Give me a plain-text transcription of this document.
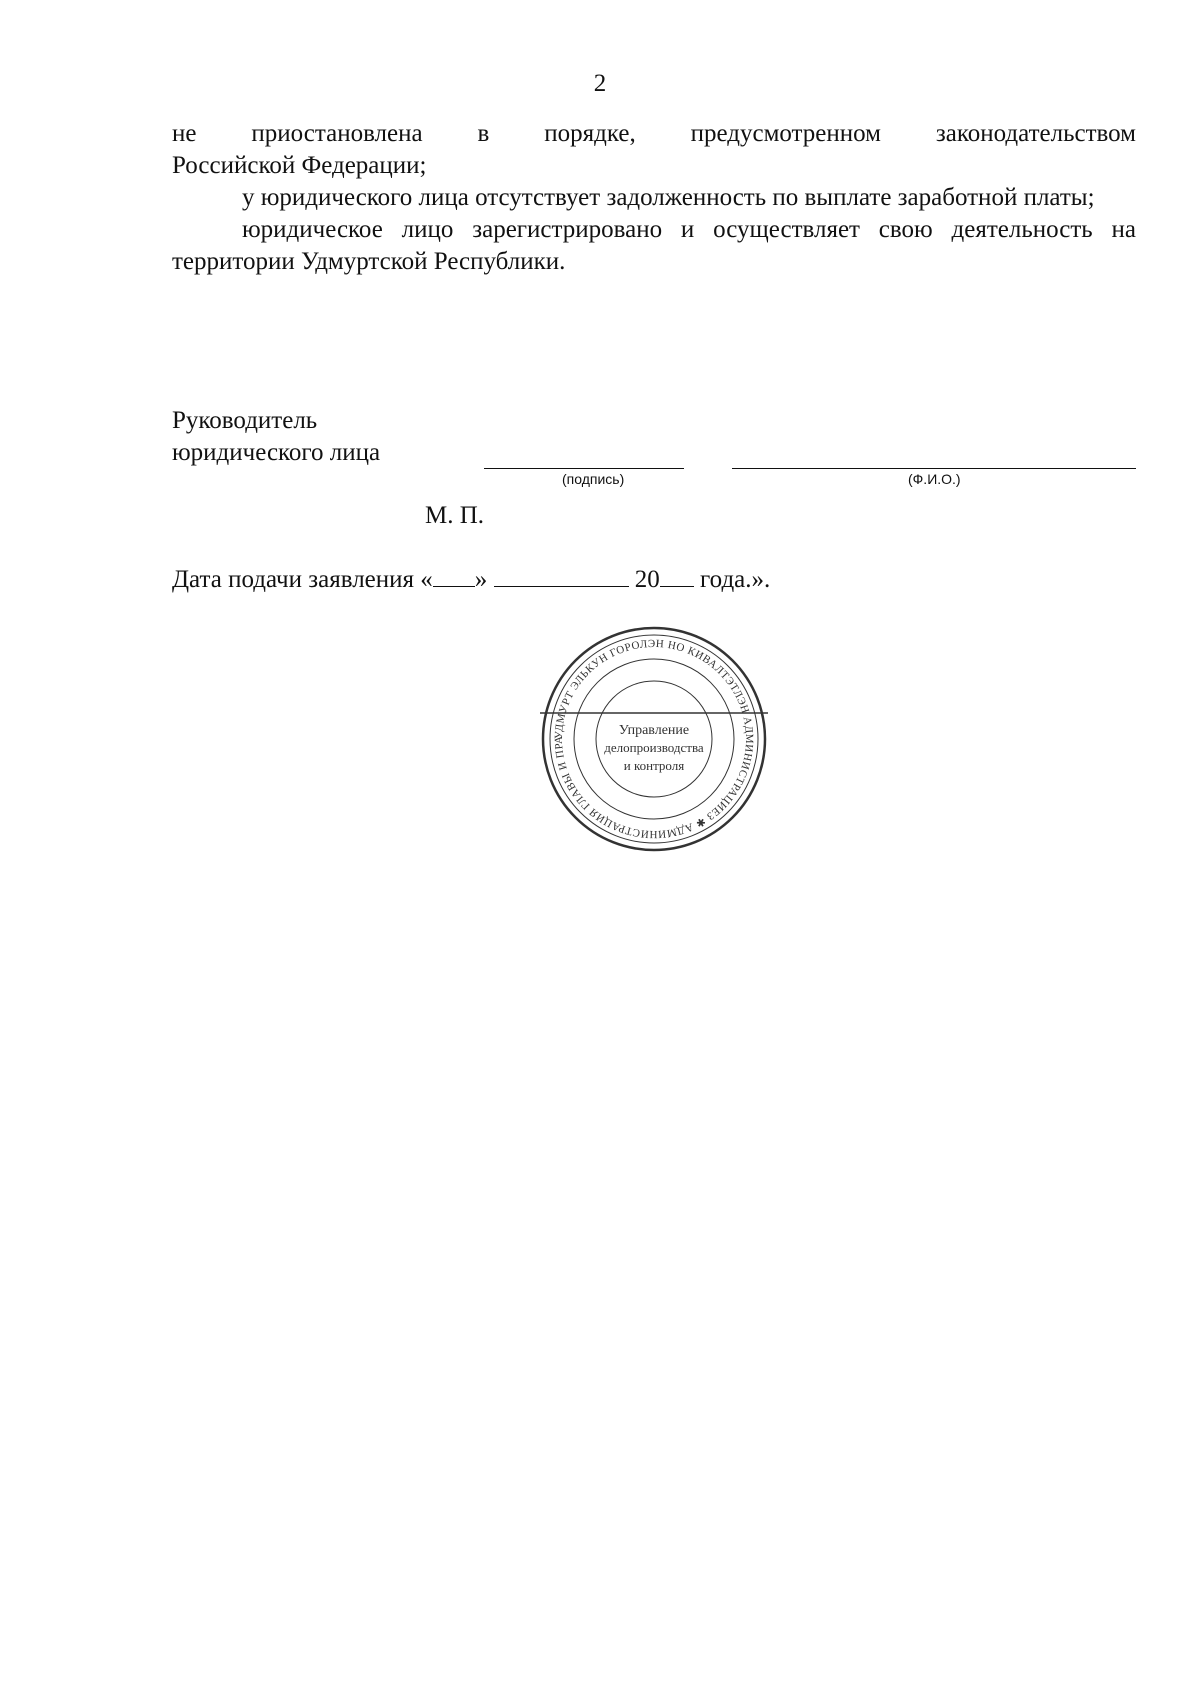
2

не приостановлена в порядке, предусмотренном законодательством

Российской Федерации;

у юридического лица отсутствует задолженность по выплате заработной платы;

юридическое лицо зарегистрировано и осуществляет свою деятельность на территории Удмуртской Республики.

Руководитель
юридического лица
(подпись)	(Ф.И.О.)
М. П.
Дата подачи заявления « »	20 года.».
УДМУРТ ЭЛЬКУН ГОРОЛЭН НО КИВАЛТЭТЛЭН АДМИНИСТРАЦИЕЗ ✱ АДМИНИСТРАЦИЯ ГЛАВЫ И ПРА
Управление
делопроизводства
и контроля
